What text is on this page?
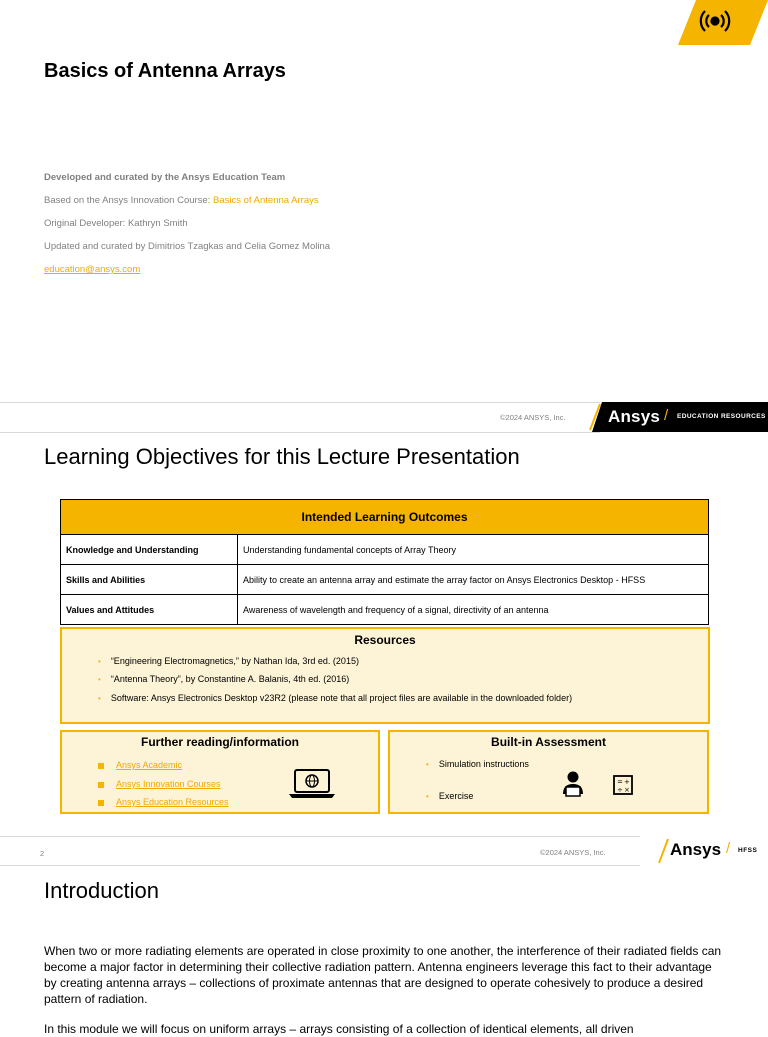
Basics of Antenna Arrays
Developed and curated by the Ansys Education Team
Based on the Ansys Innovation Course: Basics of Antenna Arrays
Original Developer: Kathryn Smith
Updated and curated by Dimitrios Tzagkas and Celia Gomez Molina
education@ansys.com
©2024 ANSYS, Inc. Ansys / EDUCATION RESOURCES
Learning Objectives for this Lecture Presentation
Intended Learning Outcomes	
Knowledge and Understanding	Understanding fundamental concepts of Array Theory
Skills and Abilities	Ability to create an antenna array and estimate the array factor on Ansys Electronics Desktop - HFSS
Values and Attitudes	Awareness of wavelength and frequency of a signal, directivity of an antenna
Resources
• “Engineering Electromagnetics,” by Nathan Ida, 3rd ed. (2015)
• “Antenna Theory”, by Constantine A. Balanis, 4th ed. (2016)
• Software: Ansys Electronics Desktop v23R2 (please note that all project files are available in the downloaded folder)
Further reading/information
Ansys Academic
Ansys Innovation Courses
Ansys Education Resources
Built-in Assessment
• Simulation instructions
• Exercise
= +
÷ ×
2	©2024 ANSYS, Inc.	Ansys / HFSS
Introduction
When two or more radiating elements are operated in close proximity to one another, the interference of their radiated fields can become a major factor in determining their collective radiation pattern. Antenna engineers leverage this fact to their advantage by creating antenna arrays – collections of proximate antennas that are designed to operate cohesively to produce a desired pattern of radiation.
In this module we will focus on uniform arrays – arrays consisting of a collection of identical elements, all driven
